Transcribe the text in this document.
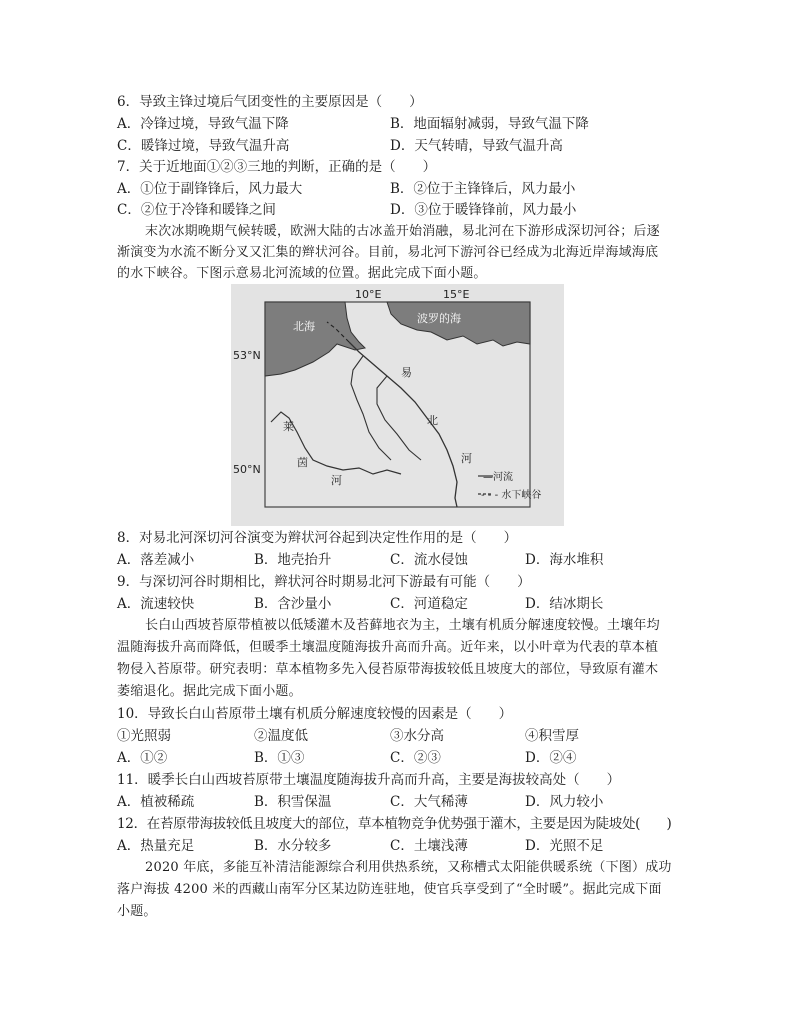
6．导致主锋过境后气团变性的主要原因是（　　）
A．冷锋过境，导致气温下降	B．地面辐射减弱，导致气温下降
C．暖锋过境，导致气温升高	D．天气转晴，导致气温升高
7．关于近地面①②③三地的判断，正确的是（　　）
A．①位于副锋锋后，风力最大	B．②位于主锋锋后，风力最小
C．②位于冷锋和暖锋之间	D．③位于暖锋锋前，风力最小
末次冰期晚期气候转暖，欧洲大陆的古冰盖开始消融，易北河在下游形成深切河谷；后逐
渐演变为水流不断分叉又汇集的辫状河谷。目前，易北河下游河谷已经成为北海近岸海域海底
的水下峡谷。下图示意易北河流域的位置。据此完成下面小题。
10°E	15°E
53°N
50°N
北海
波罗的海
易
北
河
莱
茵
河	—河流
- - - 水下峡谷
8．对易北河深切河谷演变为辫状河谷起到决定性作用的是（　　）
A．落差减小	B．地壳抬升	C．流水侵蚀	D．海水堆积
9．与深切河谷时期相比，辫状河谷时期易北河下游最有可能（　　）
A．流速较快	B．含沙量小	C．河道稳定	D．结冰期长
长白山西坡苔原带植被以低矮灌木及苔藓地衣为主，土壤有机质分解速度较慢。土壤年均
温随海拔升高而降低，但暖季土壤温度随海拔升高而升高。近年来，以小叶章为代表的草本植
物侵入苔原带。研究表明：草本植物多先入侵苔原带海拔较低且坡度大的部位，导致原有灌木
萎缩退化。据此完成下面小题。
10．导致长白山苔原带土壤有机质分解速度较慢的因素是（　　）
①光照弱	②温度低	③水分高	④积雪厚
A．①②	B．①③	C．②③	D．②④
11．暖季长白山西坡苔原带土壤温度随海拔升高而升高，主要是海拔较高处（　　）
A．植被稀疏	B．积雪保温	C．大气稀薄	D．风力较小
12．在苔原带海拔较低且坡度大的部位，草本植物竞争优势强于灌木，主要是因为陡坡处(　　)
A．热量充足	B．水分较多	C．土壤浅薄	D．光照不足
2020 年底，多能互补清洁能源综合利用供热系统，又称槽式太阳能供暖系统（下图）成功
落户海拔 4200 米的西藏山南军分区某边防连驻地，使官兵享受到了“全时暖”。据此完成下面
小题。
